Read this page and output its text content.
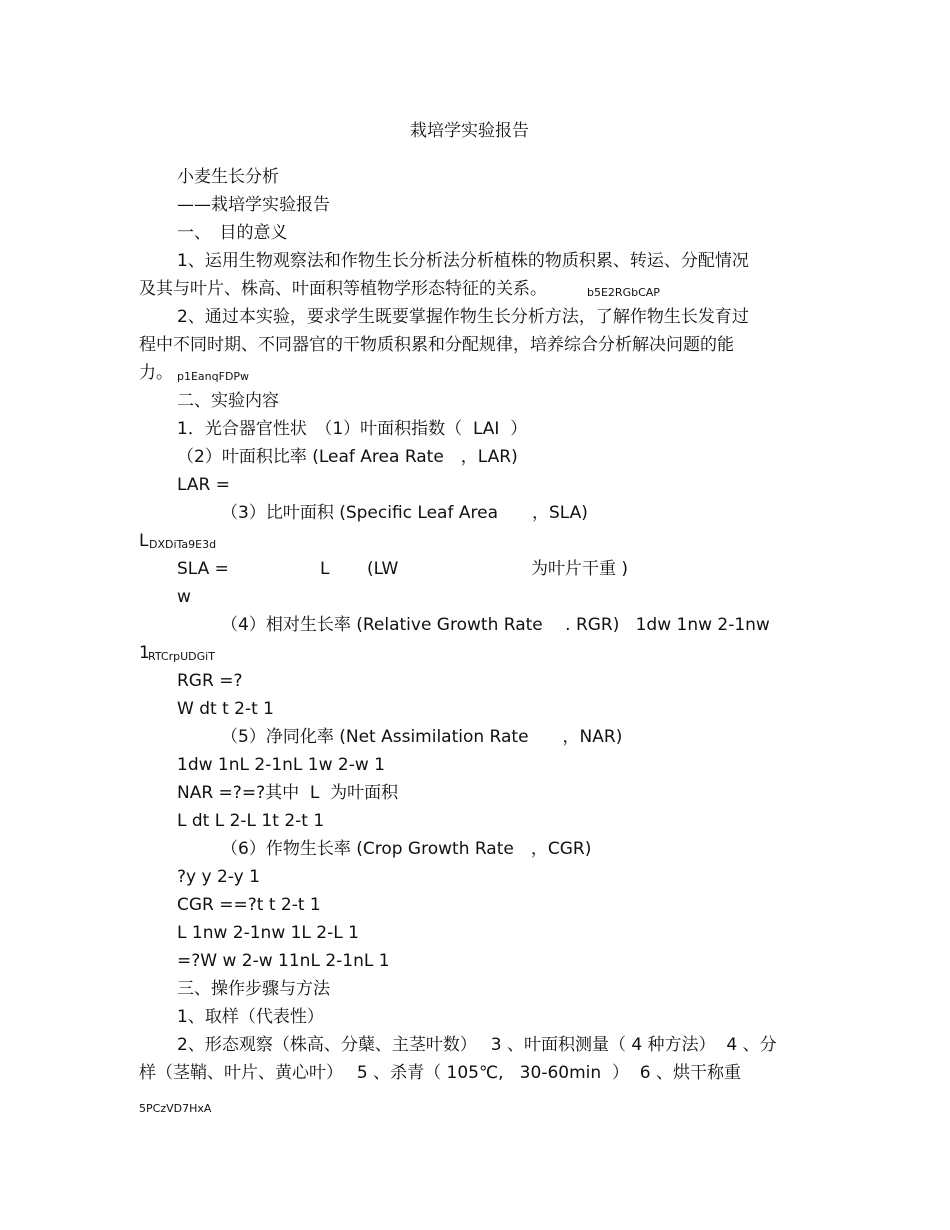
栽培学实验报告
小麦生长分析
——栽培学实验报告
一、　目的意义
1、运用生物观察法和作物生长分析法分析植株的物质积累、转运、分配情况
及其与叶片、株高、叶面积等植物学形态特征的关系。	b5E2RGbCAP
2、通过本实验，要求学生既要掌握作物生长分析方法，了解作物生长发育过
程中不同时期、不同器官的干物质积累和分配规律，培养综合分析解决问题的能
力。 p1EanqFDPw
二、实验内容
1．光合器官性状　（1）叶面积指数（  LAI  ）
（2）叶面积比率 (Leaf Area Rate　，LAR)
LAR =
（3）比叶面积 (Specific Leaf Area　　，SLA)
L DXDiTa9E3d
SLA =	L (LW	为叶片干重 )
w
（4）相对生长率 (Relative Growth Rate　 . RGR)   1dw 1nw 2-1nw
1
RTCrpUDGiT
RGR =?
W dt t 2-t 1
（5）净同化率 (Net Assimilation Rate　　，NAR)
1dw 1nL 2-1nL 1w 2-w 1
NAR =?=?其中  L  为叶面积
L dt L 2-L 1t 2-t 1
（6）作物生长率 (Crop Growth Rate　，CGR)
?y y 2-y 1
CGR ==?t t 2-t 1
L 1nw 2-1nw 1L 2-L 1
=?W w 2-w 11nL 2-1nL 1
三、操作步骤与方法
1、取样（代表性）
2、形态观察（株高、分蘖、主茎叶数）　 3 、叶面积测量（ 4 种方法）  4 、分
样（茎鞘、叶片、黄心叶）　 5 、杀青（ 105℃,   30-60min  ）  6 、烘干称重
5PCzVD7HxA
